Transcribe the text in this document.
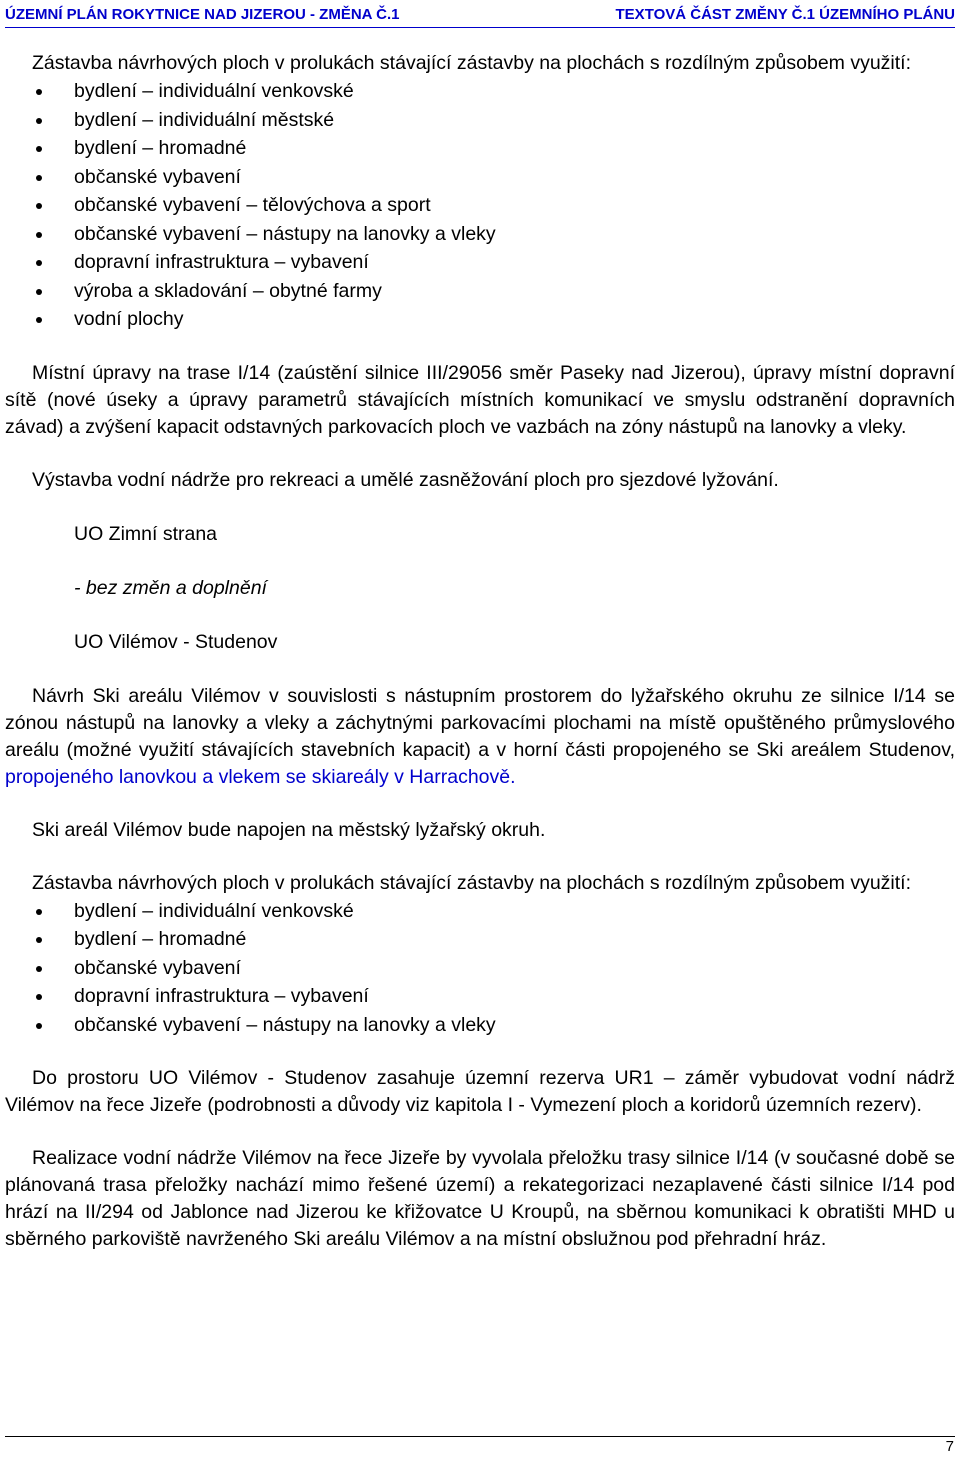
ÚZEMNÍ PLÁN ROKYTNICE NAD JIZEROU - ZMĚNA Č.1	TEXTOVÁ ČÁST ZMĚNY Č.1 ÚZEMNÍHO PLÁNU

Zástavba návrhových ploch v prolukách stávající zástavby na plochách s rozdílným způsobem využití:

bydlení – individuální venkovské
bydlení – individuální městské
bydlení – hromadné
občanské vybavení
občanské vybavení – tělovýchova a sport
občanské vybavení – nástupy na lanovky a vleky
dopravní infrastruktura – vybavení
výroba a skladování – obytné farmy
vodní plochy

Místní úpravy na trase I/14 (zaústění silnice III/29056 směr Paseky nad Jizerou), úpravy místní dopravní sítě (nové úseky a úpravy parametrů stávajících místních komunikací ve smyslu odstranění dopravních závad) a zvýšení kapacit odstavných parkovacích ploch ve vazbách na zóny nástupů na lanovky a vleky.

Výstavba vodní nádrže pro rekreaci a umělé zasněžování ploch pro sjezdové lyžování.

UO Zimní strana

- bez změn a doplnění

UO Vilémov - Studenov

Návrh Ski areálu Vilémov v souvislosti s nástupním prostorem do lyžařského okruhu ze silnice I/14 se zónou nástupů na lanovky a vleky a záchytnými parkovacími plochami na místě opuštěného průmyslového areálu (možné využití stávajících stavebních kapacit) a v horní části propojeného se Ski areálem Studenov, propojeného lanovkou a vlekem se skiareály v Harrachově.

Ski areál Vilémov bude napojen na městský lyžařský okruh.

Zástavba návrhových ploch v prolukách stávající zástavby na plochách s rozdílným způsobem využití:

bydlení – individuální venkovské
bydlení – hromadné
občanské vybavení
dopravní infrastruktura – vybavení
občanské vybavení – nástupy na lanovky a vleky

Do prostoru UO Vilémov - Studenov zasahuje územní rezerva UR1 – záměr vybudovat vodní nádrž Vilémov na řece Jizeře (podrobnosti a důvody viz kapitola I - Vymezení ploch a koridorů územních rezerv).

Realizace vodní nádrže Vilémov na řece Jizeře by vyvolala přeložku trasy silnice I/14 (v současné době se plánovaná trasa přeložky nachází mimo řešené území) a rekategorizaci nezaplavené části silnice I/14 pod hrází na II/294 od Jablonce nad Jizerou ke křižovatce U Kroupů, na sběrnou komunikaci k obratišti MHD u sběrného parkoviště navrženého Ski areálu Vilémov a na místní obslužnou pod přehradní hráz.

7
